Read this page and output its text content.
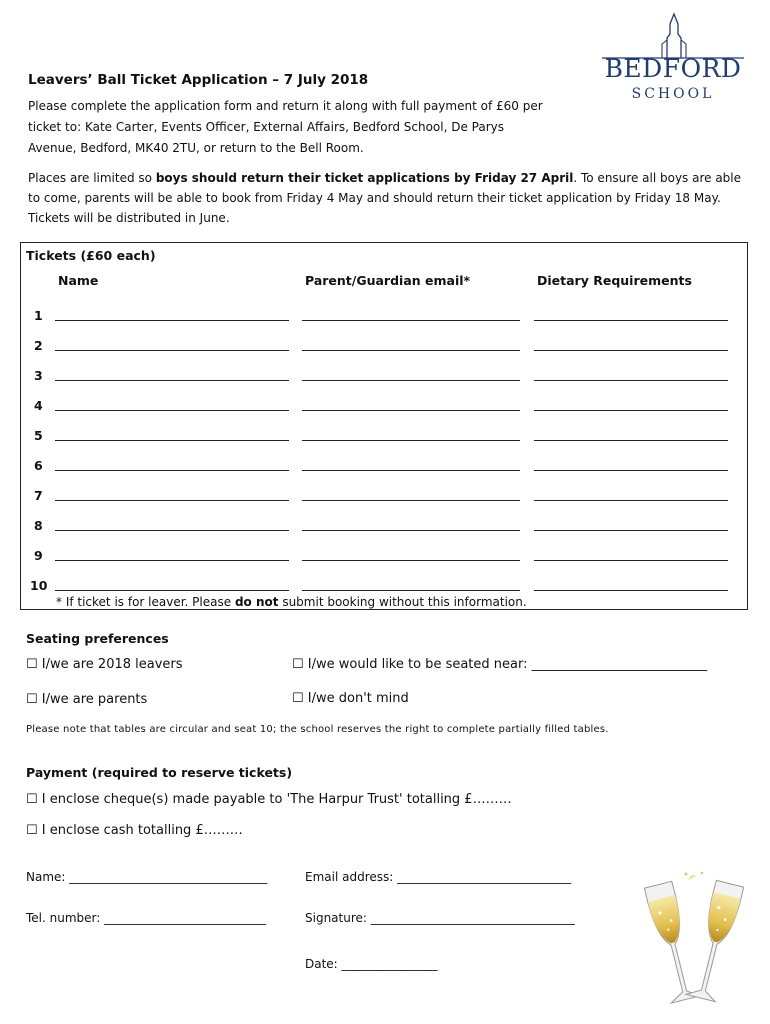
Leavers’ Ball Ticket Application – 7 July 2018	BEDFORD
SCHOOL
Please complete the application form and return it along with full payment of £60 per
ticket to: Kate Carter, Events Officer, External Affairs, Bedford School, De Parys
Avenue, Bedford, MK40 2TU, or return to the Bell Room.
Places are limited so boys should return their ticket applications by Friday 27 April. To ensure all boys are able
to come, parents will be able to book from Friday 4 May and should return their ticket application by Friday 18 May.
Tickets will be distributed in June.
Tickets (£60 each)
Name	Parent/Guardian email*	Dietary Requirements
1
2
3
4
5
6
7
8
9
10
* If ticket is for leaver. Please do not submit booking without this information.
Seating preferences
☐ I/we are 2018 leavers	☐ I/we would like to be seated near: ___________________________
☐ I/we are parents	☐ I/we don't mind
Please note that tables are circular and seat 10; the school reserves the right to complete partially filled tables.
Payment (required to reserve tickets)
☐ I enclose cheque(s) made payable to 'The Harpur Trust' totalling £………
☐ I enclose cash totalling £………
Name: _________________________________	Email address: _____________________________
Tel. number: ___________________________	Signature: __________________________________
Date: ________________
